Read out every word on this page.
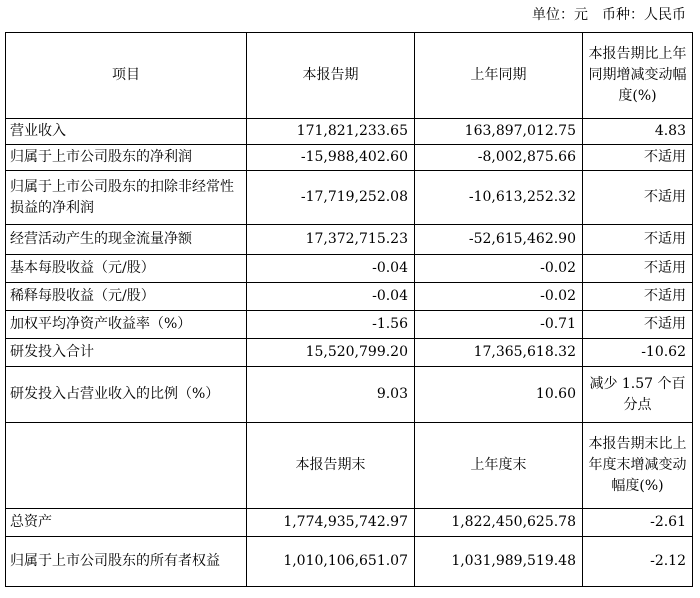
单位：元　币种：人民币
项目	本报告期	上年同期	本报告期比上年同期增减变动幅度(%)
营业收入	171,821,233.65	163,897,012.75	4.83
归属于上市公司股东的净利润	-15,988,402.60	-8,002,875.66	不适用
归属于上市公司股东的扣除非经常性损益的净利润	-17,719,252.08	-10,613,252.32	不适用
经营活动产生的现金流量净额	17,372,715.23	-52,615,462.90	不适用
基本每股收益（元/股）	-0.04	-0.02	不适用
稀释每股收益（元/股）	-0.04	-0.02	不适用
加权平均净资产收益率（%）	-1.56	-0.71	不适用
研发投入合计	15,520,799.20	17,365,618.32	-10.62
研发投入占营业收入的比例（%）	9.03	10.60	减少 1.57 个百分点
	本报告期末	上年度末	本报告期末比上年度末增减变动幅度(%)
总资产	1,774,935,742.97	1,822,450,625.78	-2.61
归属于上市公司股东的所有者权益	1,010,106,651.07	1,031,989,519.48	-2.12
